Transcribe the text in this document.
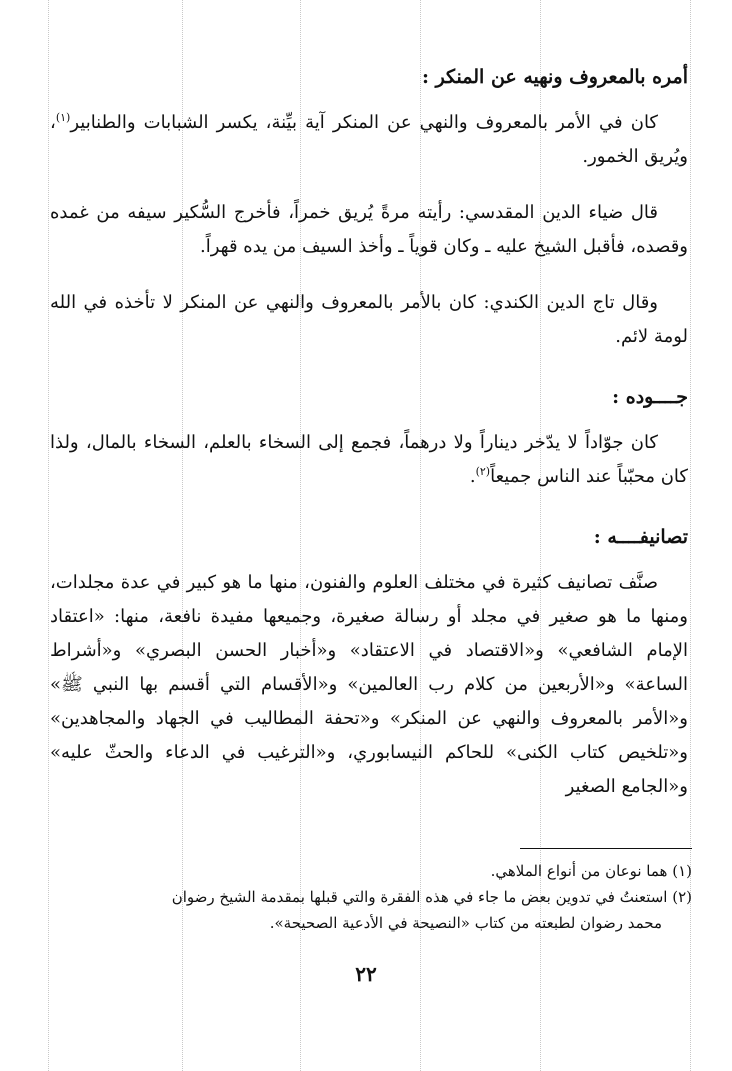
أمره بالمعروف ونهيه عن المنكر :

كان في الأمر بالمعروف والنهي عن المنكر آية بيِّنة، يكسر الشبابات والطنابير$^{(١)}$، ويُريق الخمور.

قال ضياء الدين المقدسي: رأيته مرةً يُريق خمراً، فأخرج السُّكير سيفه من غمده وقصده، فأقبل الشيخ عليه ـ وكان قوياً ـ وأخذ السيف من يده قهراً.

وقال تاج الدين الكندي: كان بالأمر بالمعروف والنهي عن المنكر لا تأخذه في الله لومة لائم.

جــــوده :

كان جوّاداً لا يدّخر ديناراً ولا درهماً، فجمع إلى السخاء بالعلم، السخاء بالمال، ولذا كان محبّباً عند الناس جميعاً$^{(٢)}$.

تصانيفــــه :

صنَّف تصانيف كثيرة في مختلف العلوم والفنون، منها ما هو كبير في عدة مجلدات، ومنها ما هو صغير في مجلد أو رسالة صغيرة، وجميعها مفيدة نافعة، منها: «اعتقاد الإمام الشافعي» و«الاقتصاد في الاعتقاد» و«أخبار الحسن البصري» و«أشراط الساعة» و«الأربعين من كلام رب العالمين» و«الأقسام التي أقسم بها النبي ﷺ» و«الأمر بالمعروف والنهي عن المنكر» و«تحفة المطاليب في الجهاد والمجاهدين» و«تلخيص كتاب الكنى» للحاكم النيسابوري، و«الترغيب في الدعاء والحثّ عليه» و«الجامع الصغير

(١) هما نوعان من أنواع الملاهي.
(٢) استعنتُ في تدوين بعض ما جاء في هذه الفقرة والتي قبلها بمقدمة الشيخ رضوان
محمد رضوان لطبعته من كتاب «النصيحة في الأدعية الصحيحة».
٢٢
